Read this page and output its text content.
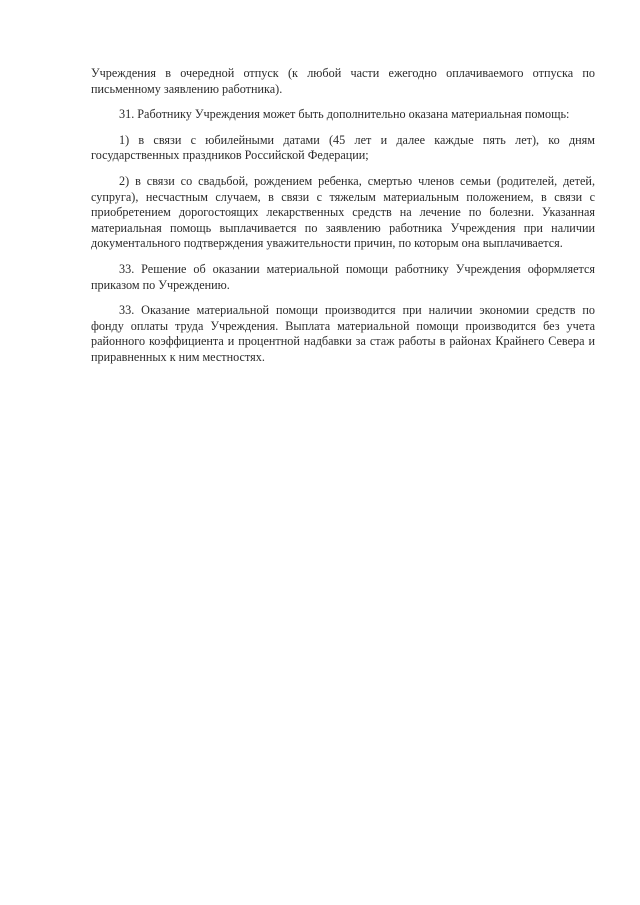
Учреждения в очередной отпуск (к любой части ежегодно оплачиваемого отпуска по письменному заявлению работника).

31. Работнику Учреждения может быть дополнительно оказана материальная помощь:

1) в связи с юбилейными датами (45 лет и далее каждые пять лет), ко дням государственных праздников Российской Федерации;

2) в связи со свадьбой, рождением ребенка, смертью членов семьи (родителей, детей, супруга), несчастным случаем, в связи с тяжелым материальным положением, в связи с приобретением дорогостоящих лекарственных средств на лечение по болезни. Указанная материальная помощь выплачивается по заявлению работника Учреждения при наличии документального подтверждения уважительности причин, по которым она выплачивается.

33. Решение об оказании материальной помощи работнику Учреждения оформляется приказом по Учреждению.

33. Оказание материальной помощи производится при наличии экономии средств по фонду оплаты труда Учреждения. Выплата материальной помощи производится без учета районного коэффициента и процентной надбавки за стаж работы в районах Крайнего Севера и приравненных к ним местностях.
